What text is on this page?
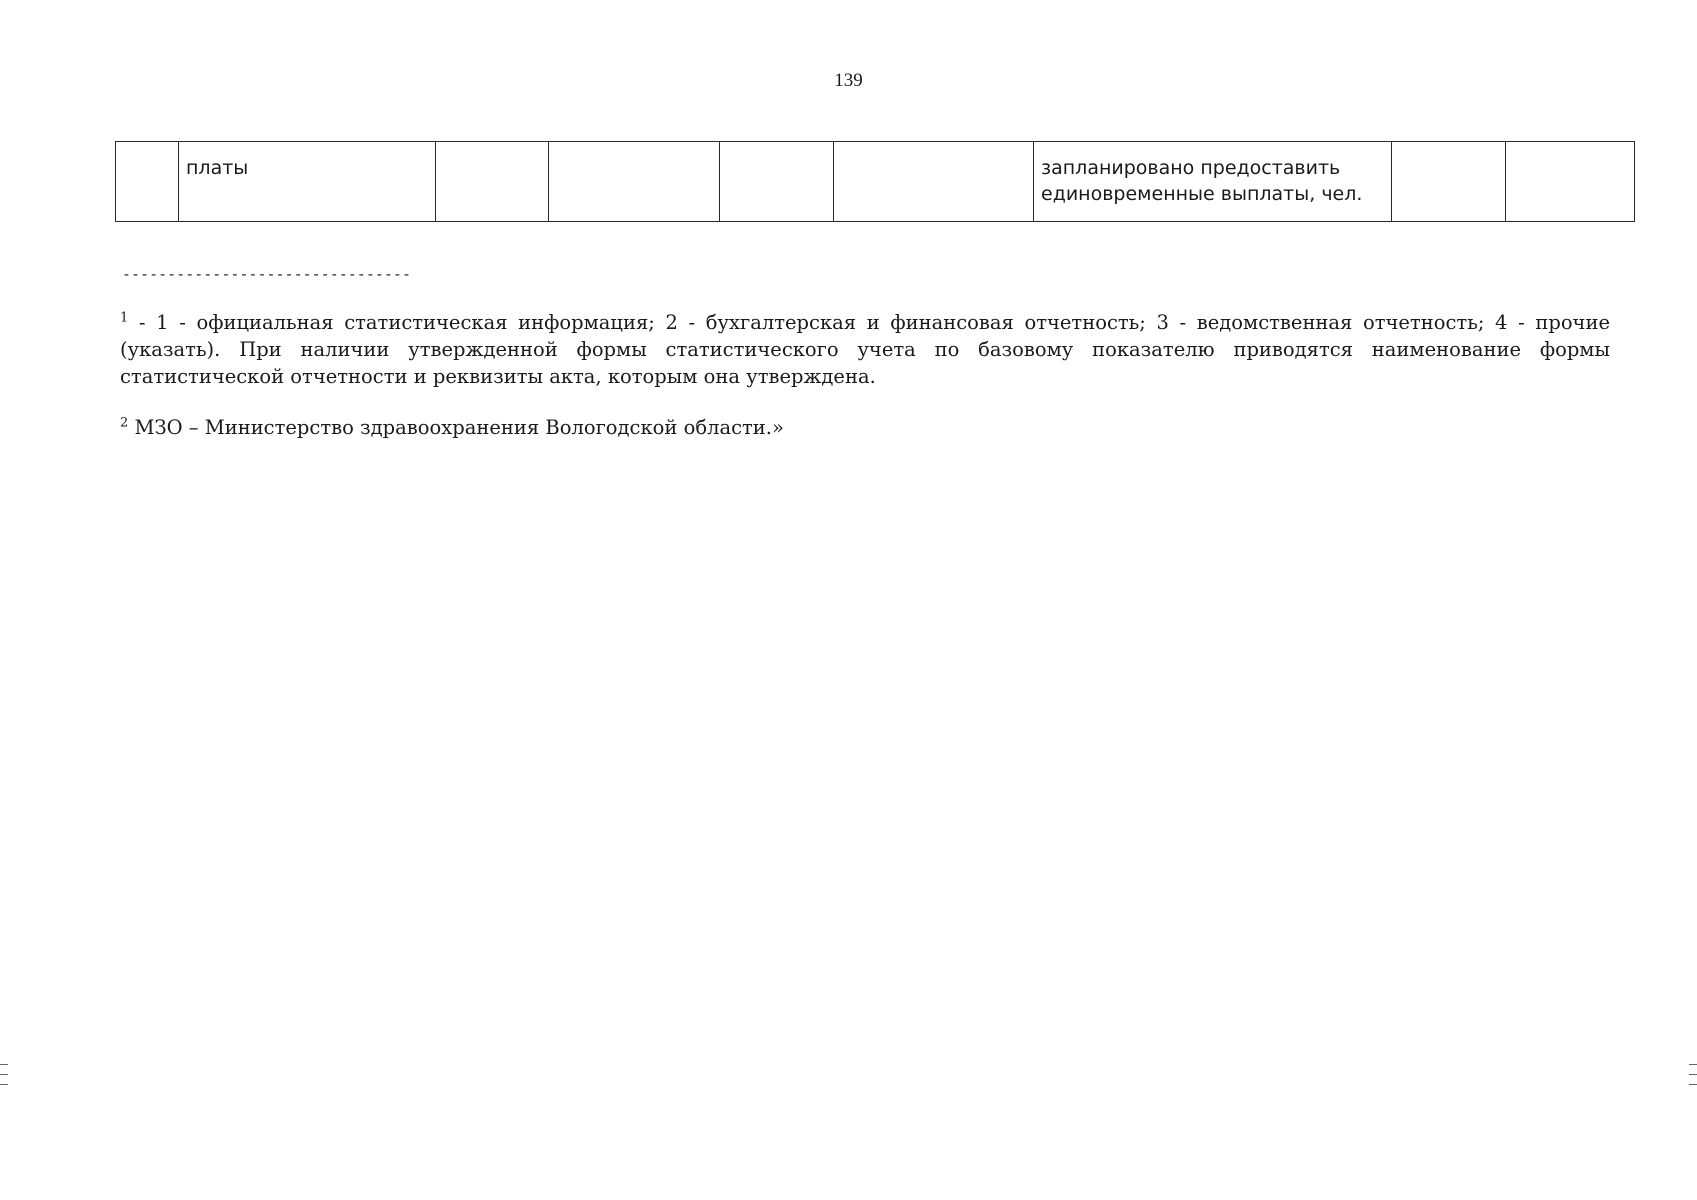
139
	платы					запланировано предоставить единовременные выплаты, чел.		
--------------------------------
$^1$ - 1 - официальная статистическая информация; 2 - бухгалтерская и финансовая отчетность; 3 - ведомственная отчетность; 4 - прочие (указать). При наличии утвержденной формы статистического учета по базовому показателю приводятся наименование формы статистической отчетности и реквизиты акта, которым она утверждена.
$^2$ МЗО – Министерство здравоохранения Вологодской области.»
